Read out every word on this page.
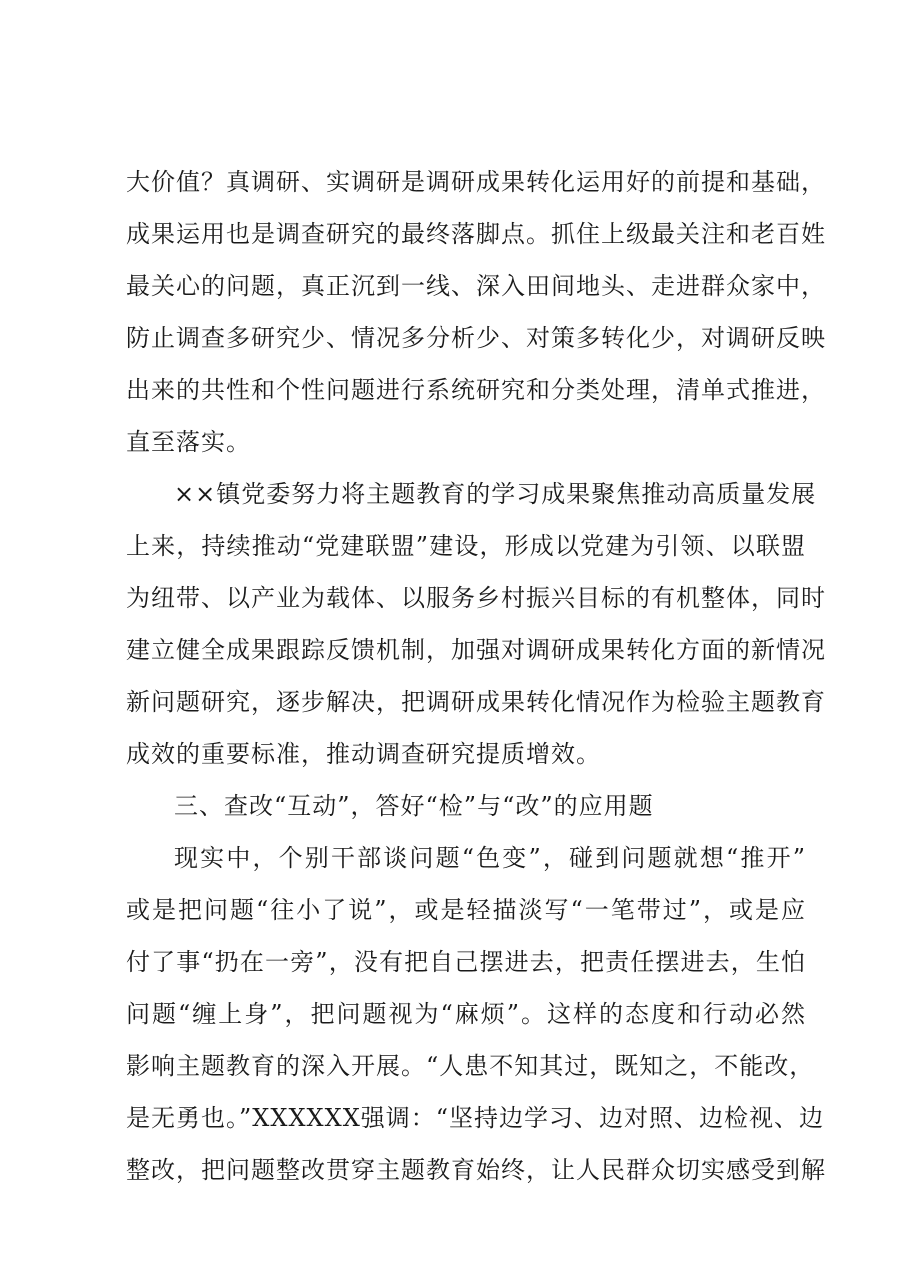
大价值？真调研、实调研是调研成果转化运用好的前提和基础，
成果运用也是调查研究的最终落脚点。抓住上级最关注和老百姓
最关心的问题，真正沉到一线、深入田间地头、走进群众家中，
防止调查多研究少、情况多分析少、对策多转化少，对调研反映
出来的共性和个性问题进行系统研究和分类处理，清单式推进，
直至落实。
××镇党委努力将主题教育的学习成果聚焦推动高质量发展
上来，持续推动“党建联盟”建设，形成以党建为引领、以联盟
为纽带、以产业为载体、以服务乡村振兴目标的有机整体，同时
建立健全成果跟踪反馈机制，加强对调研成果转化方面的新情况
新问题研究，逐步解决，把调研成果转化情况作为检验主题教育
成效的重要标准，推动调查研究提质增效。
三、查改“互动”，答好“检”与“改”的应用题
现实中，个别干部谈问题“色变”，碰到问题就想“推开”
或是把问题“往小了说”，或是轻描淡写“一笔带过”，或是应
付了事“扔在一旁”，没有把自己摆进去，把责任摆进去，生怕
问题“缠上身”，把问题视为“麻烦”。这样的态度和行动必然
影响主题教育的深入开展。“人患不知其过，既知之，不能改，
是无勇也。”XXXXXX强调：“坚持边学习、边对照、边检视、边
整改，把问题整改贯穿主题教育始终，让人民群众切实感受到解
